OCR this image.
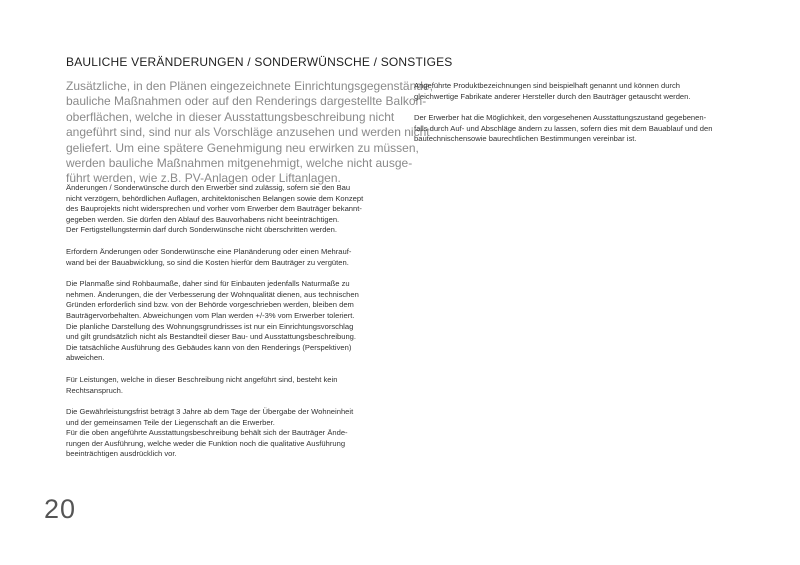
BAULICHE VERÄNDERUNGEN / SONDERWÜNSCHE / SONSTIGES
Zusätzliche, in den Plänen eingezeichnete Einrichtungsgegenstände,
bauliche Maßnahmen oder auf den Renderings dargestellte Balkon-
oberflächen, welche in dieser Ausstattungsbeschreibung nicht
angeführt sind, sind nur als Vorschläge anzusehen und werden nicht
geliefert. Um eine spätere Genehmigung neu erwirken zu müssen,
werden bauliche Maßnahmen mitgenehmigt, welche nicht ausge-
führt werden, wie z.B. PV-Anlagen oder Liftanlagen.
Änderungen / Sonderwünsche durch den Erwerber sind zulässig, sofern sie den Bau
nicht verzögern, behördlichen Auflagen, architektonischen Belangen sowie dem Konzept
des Bauprojekts nicht widersprechen und vorher vom Erwerber dem Bauträger bekannt-
gegeben werden. Sie dürfen den Ablauf des Bauvorhabens nicht beeinträchtigen.
Der Fertigstellungstermin darf durch Sonderwünsche nicht überschritten werden.
Erfordern Änderungen oder Sonderwünsche eine Planänderung oder einen Mehrauf-
wand bei der Bauabwicklung, so sind die Kosten hierfür dem Bauträger zu vergüten.
Die Planmaße sind Rohbaumaße, daher sind für Einbauten jedenfalls Naturmaße zu
nehmen. Änderungen, die der Verbesserung der Wohnqualität dienen, aus technischen
Gründen erforderlich sind bzw. von der Behörde vorgeschrieben werden, bleiben dem
Bauträgervorbehalten. Abweichungen vom Plan werden +/-3% vom Erwerber toleriert.
Die planliche Darstellung des Wohnungsgrundrisses ist nur ein Einrichtungsvorschlag
und gilt grundsätzlich nicht als Bestandteil dieser Bau- und Ausstattungsbeschreibung.
Die tatsächliche Ausführung des Gebäudes kann von den Renderings (Perspektiven)
abweichen.
Für Leistungen, welche in dieser Beschreibung nicht angeführt sind, besteht kein
Rechtsanspruch.
Die Gewährleistungsfrist beträgt 3 Jahre ab dem Tage der Übergabe der Wohneinheit
und der gemeinsamen Teile der Liegenschaft an die Erwerber.
Für die oben angeführte Ausstattungsbeschreibung behält sich der Bauträger Ände-
rungen der Ausführung, welche weder die Funktion noch die qualitative Ausführung
beeinträchtigen ausdrücklich vor.
Angeführte Produktbezeichnungen sind beispielhaft genannt und können durch
gleichwertige Fabrikate anderer Hersteller durch den Bauträger getauscht werden.
Der Erwerber hat die Möglichkeit, den vorgesehenen Ausstattungszustand gegebenen-
falls durch Auf- und Abschläge ändern zu lassen, sofern dies mit dem Bauablauf und den
bautechnischensowie baurechtlichen Bestimmungen vereinbar ist.
20
